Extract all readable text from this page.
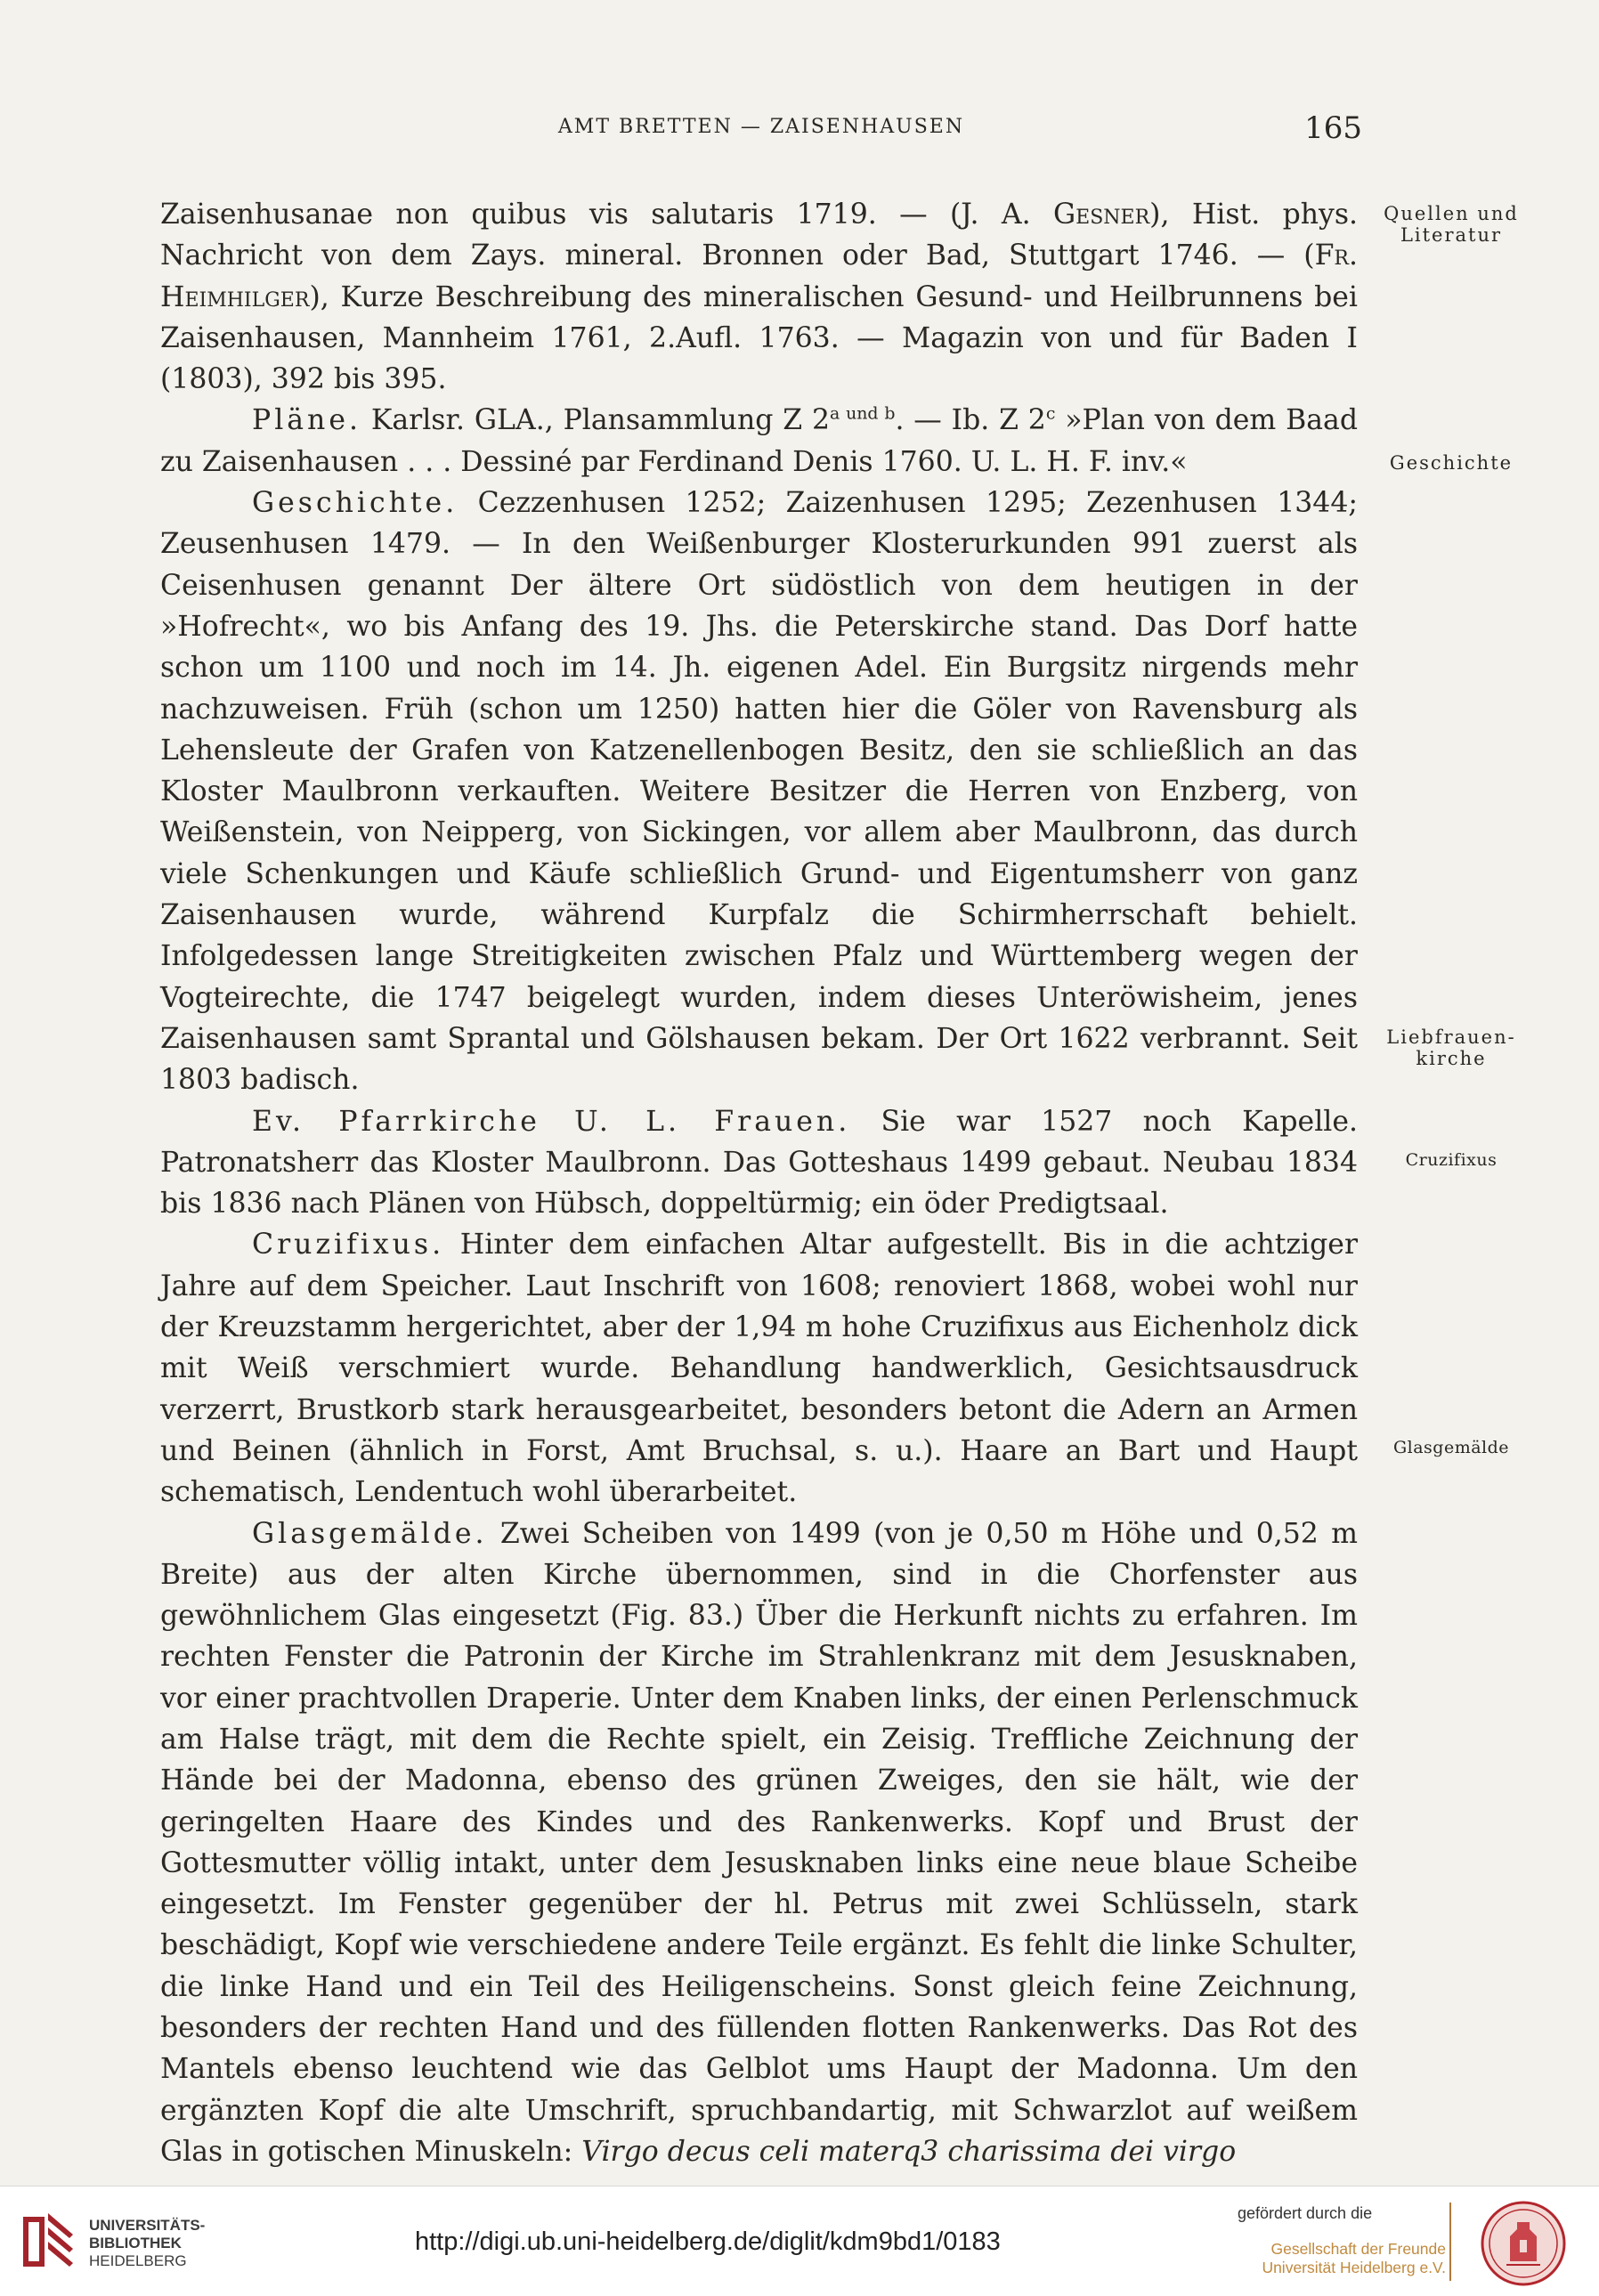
AMT BRETTEN — ZAISENHAUSEN	165
Quellen und
Literatur
Geschichte
Liebfrauen-
kirche
Cruzifixus
Glasgemälde

Zaisenhusanae non quibus vis salutaris 1719. — (J. A. Gesner), Hist. phys. Nachricht von dem Zays. mineral. Bronnen oder Bad, Stuttgart 1746. — (Fr. Heimhilger), Kurze Beschreibung des mineralischen Gesund- und Heilbrunnens bei Zaisenhausen, Mannheim 1761, 2.Aufl. 1763. — Magazin von und für Baden I (1803), 392 bis 395.

Pläne. Karlsr. GLA., Plansammlung Z $2^{a und b}$. — Ib. Z 2$^c$ »Plan von dem Baad zu Zaisenhausen . . . Dessiné par Ferdinand Denis 1760. U. L. H. F. inv.«

Geschichte. Cezzenhusen 1252; Zaizenhusen 1295; Zezenhusen 1344; Zeusenhusen 1479. — In den Weißenburger Klosterurkunden 991 zuerst als Ceisenhusen genannt Der ältere Ort südöstlich von dem heutigen in der »Hofrecht«, wo bis Anfang des 19. Jhs. die Peterskirche stand. Das Dorf hatte schon um 1100 und noch im 14. Jh. eigenen Adel. Ein Burgsitz nirgends mehr nachzuweisen. Früh (schon um 1250) hatten hier die Göler von Ravensburg als Lehensleute der Grafen von Katzenellenbogen Besitz, den sie schließlich an das Kloster Maulbronn verkauften. Weitere Besitzer die Herren von Enzberg, von Weißenstein, von Neipperg, von Sickingen, vor allem aber Maulbronn, das durch viele Schenkungen und Käufe schließlich Grund- und Eigentumsherr von ganz Zaisenhausen wurde, während Kurpfalz die Schirmherrschaft behielt. Infolgedessen lange Streitigkeiten zwischen Pfalz und Württemberg wegen der Vogteirechte, die 1747 beigelegt wurden, indem dieses Unteröwisheim, jenes Zaisenhausen samt Sprantal und Gölshausen bekam. Der Ort 1622 verbrannt. Seit 1803 badisch.

Ev. Pfarrkirche U. L. Frauen. Sie war 1527 noch Kapelle. Patronatsherr das Kloster Maulbronn. Das Gotteshaus 1499 gebaut. Neubau 1834 bis 1836 nach Plänen von Hübsch, doppeltürmig; ein öder Predigtsaal.

Cruzifixus. Hinter dem einfachen Altar aufgestellt. Bis in die achtziger Jahre auf dem Speicher. Laut Inschrift von 1608; renoviert 1868, wobei wohl nur der Kreuzstamm hergerichtet, aber der 1,94 m hohe Cruzifixus aus Eichenholz dick mit Weiß verschmiert wurde. Behandlung handwerklich, Gesichtsausdruck verzerrt, Brustkorb stark herausgearbeitet, besonders betont die Adern an Armen und Beinen (ähnlich in Forst, Amt Bruchsal, s. u.). Haare an Bart und Haupt schematisch, Lendentuch wohl überarbeitet.

Glasgemälde. Zwei Scheiben von 1499 (von je 0,50 m Höhe und 0,52 m Breite) aus der alten Kirche übernommen, sind in die Chorfenster aus gewöhnlichem Glas eingesetzt (Fig. 83.) Über die Herkunft nichts zu erfahren. Im rechten Fenster die Patronin der Kirche im Strahlenkranz mit dem Jesusknaben, vor einer prachtvollen Draperie. Unter dem Knaben links, der einen Perlenschmuck am Halse trägt, mit dem die Rechte spielt, ein Zeisig. Treffliche Zeichnung der Hände bei der Madonna, ebenso des grünen Zweiges, den sie hält, wie der geringelten Haare des Kindes und des Rankenwerks. Kopf und Brust der Gottesmutter völlig intakt, unter dem Jesusknaben links eine neue blaue Scheibe eingesetzt. Im Fenster gegenüber der hl. Petrus mit zwei Schlüsseln, stark beschädigt, Kopf wie verschiedene andere Teile ergänzt. Es fehlt die linke Schulter, die linke Hand und ein Teil des Heiligenscheins. Sonst gleich feine Zeichnung, besonders der rechten Hand und des füllenden flotten Rankenwerks. Das Rot des Mantels ebenso leuchtend wie das Gelblot ums Haupt der Madonna. Um den ergänzten Kopf die alte Umschrift, spruchbandartig, mit Schwarzlot auf weißem Glas in gotischen Minuskeln: Virgo decus celi materq3 charissima dei virgo

UNIVERSITÄTS-
BIBLIOTHEK
HEIDELBERG
http://digi.ub.uni-heidelberg.de/diglit/kdm9bd1/0183
gefördert durch die
Gesellschaft der Freunde
Universität Heidelberg e.V.
